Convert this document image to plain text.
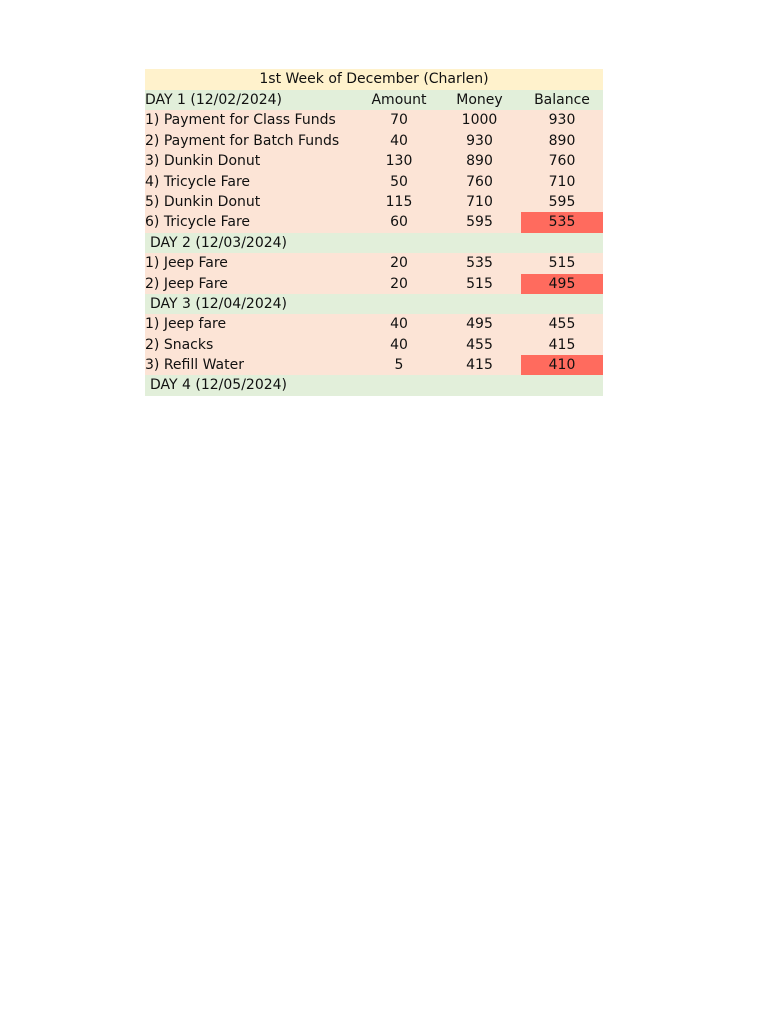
1st Week of December (Charlen)
DAY 1 (12/02/2024)	Amount	Money	Balance
1) Payment for Class Funds	70	1000	930
2) Payment for Batch Funds	40	930	890
3) Dunkin Donut	130	890	760
4) Tricycle Fare	50	760	710
5) Dunkin Donut	115	710	595
6) Tricycle Fare	60	595	535
DAY 2 (12/03/2024)
1) Jeep Fare	20	535	515
2) Jeep Fare	20	515	495
DAY 3 (12/04/2024)
1) Jeep fare	40	495	455
2) Snacks	40	455	415
3) Refill Water	5	415	410
DAY 4 (12/05/2024)
